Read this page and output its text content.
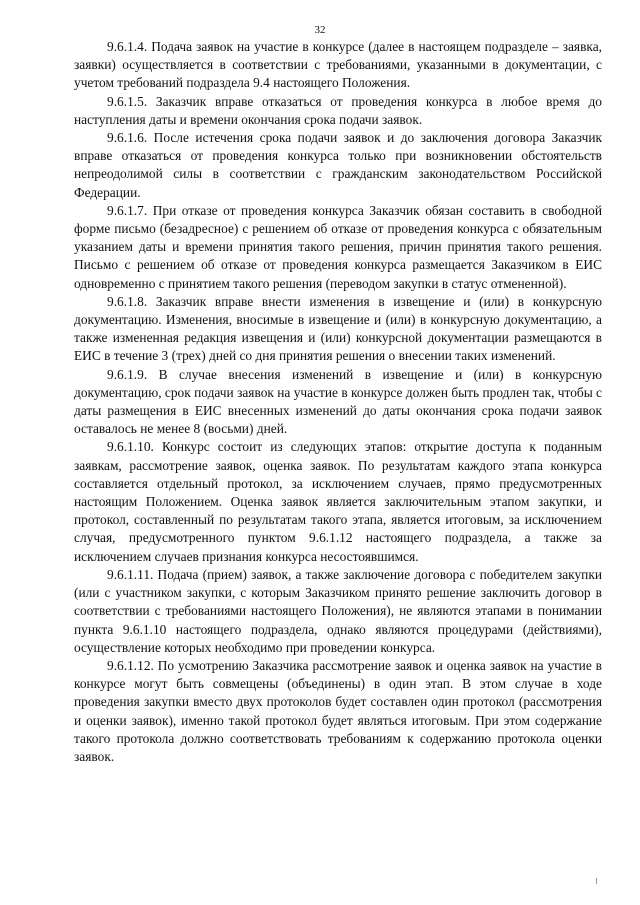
32

9.6.1.4. Подача заявок на участие в конкурсе (далее в настоящем подразделе – заявка, заявки) осуществляется в соответствии с требованиями, указанными в документации, с учетом требований подраздела 9.4 настоящего Положения.

9.6.1.5. Заказчик вправе отказаться от проведения конкурса в любое время до наступления даты и времени окончания срока подачи заявок.

9.6.1.6. После истечения срока подачи заявок и до заключения договора Заказчик вправе отказаться от проведения конкурса только при возникновении обстоятельств непреодолимой силы в соответствии с гражданским законодательством Российской Федерации.

9.6.1.7. При отказе от проведения конкурса Заказчик обязан составить в свободной форме письмо (безадресное) с решением об отказе от проведения конкурса с обязательным указанием даты и времени принятия такого решения, причин принятия такого решения. Письмо с решением об отказе от проведения конкурса размещается Заказчиком в ЕИС одновременно с принятием такого решения (переводом закупки в статус отмененной).

9.6.1.8. Заказчик вправе внести изменения в извещение и (или) в конкурсную документацию. Изменения, вносимые в извещение и (или) в конкурсную документацию, а также измененная редакция извещения и (или) конкурсной документации размещаются в ЕИС в течение 3 (трех) дней со дня принятия решения о внесении таких изменений.

9.6.1.9. В случае внесения изменений в извещение и (или) в конкурсную документацию, срок подачи заявок на участие в конкурсе должен быть продлен так, чтобы с даты размещения в ЕИС внесенных изменений до даты окончания срока подачи заявок оставалось не менее 8 (восьми) дней.

9.6.1.10. Конкурс состоит из следующих этапов: открытие доступа к поданным заявкам, рассмотрение заявок, оценка заявок. По результатам каждого этапа конкурса составляется отдельный протокол, за исключением случаев, прямо предусмотренных настоящим Положением. Оценка заявок является заключительным этапом закупки, и протокол, составленный по результатам такого этапа, является итоговым, за исключением случая, предусмотренного пунктом 9.6.1.12 настоящего подраздела, а также за исключением случаев признания конкурса несостоявшимся.

9.6.1.11. Подача (прием) заявок, а также заключение договора с победителем закупки (или с участником закупки, с которым Заказчиком принято решение заключить договор в соответствии с требованиями настоящего Положения), не являются этапами в понимании пункта 9.6.1.10 настоящего подраздела, однако являются процедурами (действиями), осуществление которых необходимо при проведении конкурса.

9.6.1.12. По усмотрению Заказчика рассмотрение заявок и оценка заявок на участие в конкурсе могут быть совмещены (объединены) в один этап. В этом случае в ходе проведения закупки вместо двух протоколов будет составлен один протокол (рассмотрения и оценки заявок), именно такой протокол будет являться итоговым. При этом содержание такого протокола должно соответствовать требованиям к содержанию протокола оценки заявок.
